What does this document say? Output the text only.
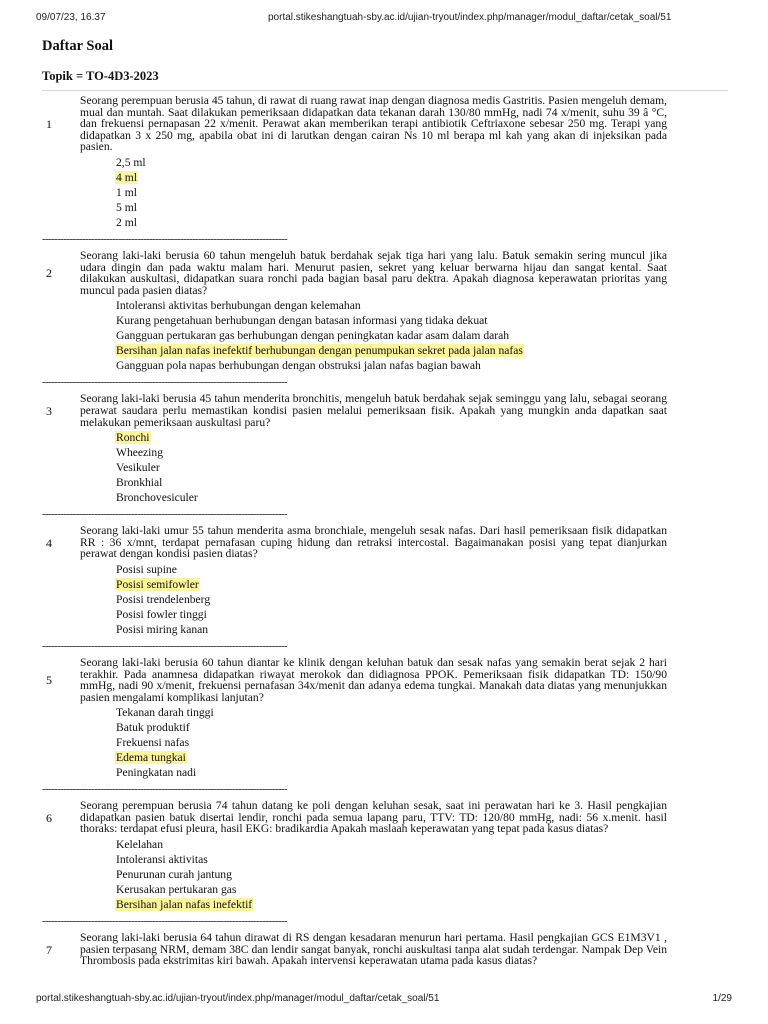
09/07/23, 16.37	portal.stikeshangtuah-sby.ac.id/ujian-tryout/index.php/manager/modul_daftar/cetak_soal/51
Daftar Soal
Topik = TO-4D3-2023
1
Seorang perempuan berusia 45 tahun, di rawat di ruang rawat inap dengan diagnosa medis Gastritis. Pasien mengeluh demam, mual dan muntah. Saat dilakukan pemeriksaan didapatkan data tekanan darah 130/80 mmHg, nadi 74 x/menit, suhu 39 â °C, dan frekuensi pernapasan 22 x/menit. Perawat akan memberikan terapi antibiotik Ceftriaxone sebesar 250 mg. Terapi yang didapatkan 3 x 250 mg, apabila obat ini di larutkan dengan cairan Ns 10 ml berapa ml kah yang akan di injeksikan pada pasien.
2,5 ml
4 ml
1 ml
5 ml
2 ml
--------------------------------------------------------------------------------
2
Seorang laki-laki berusia 60 tahun mengeluh batuk berdahak sejak tiga hari yang lalu. Batuk semakin sering muncul jika udara dingin dan pada waktu malam hari. Menurut pasien, sekret yang keluar berwarna hijau dan sangat kental. Saat dilakukan auskultasi, didapatkan suara ronchi pada bagian basal paru dektra. Apakah diagnosa keperawatan prioritas yang muncul pada pasien diatas?
Intoleransi aktivitas berhubungan dengan kelemahan
Kurang pengetahuan berhubungan dengan batasan informasi yang tidaka dekuat
Gangguan pertukaran gas berhubungan dengan peningkatan kadar asam dalam darah
Bersihan jalan nafas inefektif berhubungan dengan penumpukan sekret pada jalan nafas
Gangguan pola napas berhubungan dengan obstruksi jalan nafas bagian bawah
--------------------------------------------------------------------------------
3
Seorang laki-laki berusia 45 tahun menderita bronchitis, mengeluh batuk berdahak sejak seminggu yang lalu, sebagai seorang perawat saudara perlu memastikan kondisi pasien melalui pemeriksaan fisik. Apakah yang mungkin anda dapatkan saat melakukan pemeriksaan auskultasi paru?
Ronchi
Wheezing
Vesikuler
Bronkhial
Bronchovesiculer
--------------------------------------------------------------------------------
4
Seorang laki-laki umur 55 tahun menderita asma bronchiale, mengeluh sesak nafas. Dari hasil pemeriksaan fisik didapatkan RR : 36 x/mnt, terdapat pernafasan cuping hidung dan retraksi intercostal. Bagaimanakan posisi yang tepat dianjurkan perawat dengan kondisi pasien diatas?
Posisi supine
Posisi semifowler
Posisi trendelenberg
Posisi fowler tinggi
Posisi miring kanan
--------------------------------------------------------------------------------
5
Seorang laki-laki berusia 60 tahun diantar ke klinik dengan keluhan batuk dan sesak nafas yang semakin berat sejak 2 hari terakhir. Pada anamnesa didapatkan riwayat merokok dan didiagnosa PPOK. Pemeriksaan fisik didapatkan TD: 150/90 mmHg, nadi 90 x/menit, frekuensi pernafasan 34x/menit dan adanya edema tungkai. Manakah data diatas yang menunjukkan pasien mengalami komplikasi lanjutan?
Tekanan darah tinggi
Batuk produktif
Frekuensi nafas
Edema tungkai
Peningkatan nadi
--------------------------------------------------------------------------------
6
Seorang perempuan berusia 74 tahun datang ke poli dengan keluhan sesak, saat ini perawatan hari ke 3. Hasil pengkajian didapatkan pasien batuk disertai lendir, ronchi pada semua lapang paru, TTV: TD: 120/80 mmHg, nadi: 56 x.menit. hasil thoraks: terdapat efusi pleura, hasil EKG: bradikardia Apakah maslaah keperawatan yang tepat pada kasus diatas?
Kelelahan
Intoleransi aktivitas
Penurunan curah jantung
Kerusakan pertukaran gas
Bersihan jalan nafas inefektif
--------------------------------------------------------------------------------
7
Seorang laki-laki berusia 64 tahun dirawat di RS dengan kesadaran menurun hari pertama. Hasil pengkajian GCS E1M3V1 , pasien terpasang NRM, demam 38C dan lendir sangat banyak, ronchi auskultasi tanpa alat sudah terdengar. Nampak Dep Vein Thrombosis pada ekstrimitas kiri bawah. Apakah intervensi keperawatan utama pada kasus diatas?
portal.stikeshangtuah-sby.ac.id/ujian-tryout/index.php/manager/modul_daftar/cetak_soal/51	1/29
